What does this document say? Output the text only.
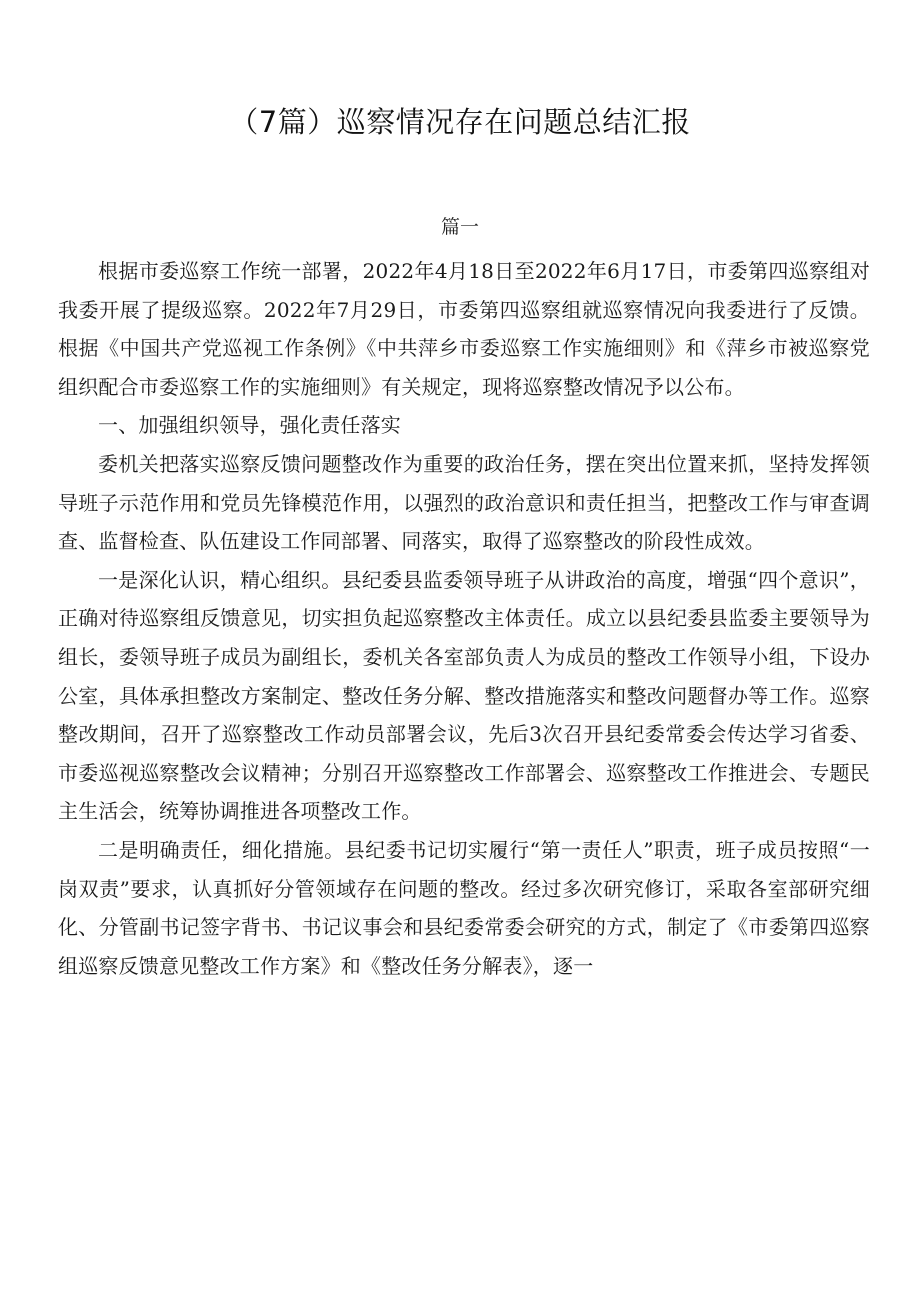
（7篇）巡察情况存在问题总结汇报

篇一

根据市委巡察工作统一部署，2022年4月18日至2022年6月17日，市委第四巡察组对我委开展了提级巡察。2022年7月29日，市委第四巡察组就巡察情况向我委进行了反馈。根据《中国共产党巡视工作条例》《中共萍乡市委巡察工作实施细则》和《萍乡市被巡察党组织配合市委巡察工作的实施细则》有关规定，现将巡察整改情况予以公布。

一、加强组织领导，强化责任落实

委机关把落实巡察反馈问题整改作为重要的政治任务，摆在突出位置来抓，坚持发挥领导班子示范作用和党员先锋模范作用，以强烈的政治意识和责任担当，把整改工作与审查调查、监督检查、队伍建设工作同部署、同落实，取得了巡察整改的阶段性成效。

一是深化认识，精心组织。县纪委县监委领导班子从讲政治的高度，增强“四个意识”，正确对待巡察组反馈意见，切实担负起巡察整改主体责任。成立以县纪委县监委主要领导为组长，委领导班子成员为副组长，委机关各室部负责人为成员的整改工作领导小组，下设办公室，具体承担整改方案制定、整改任务分解、整改措施落实和整改问题督办等工作。巡察整改期间，召开了巡察整改工作动员部署会议，先后3次召开县纪委常委会传达学习省委、市委巡视巡察整改会议精神；分别召开巡察整改工作部署会、巡察整改工作推进会、专题民主生活会，统筹协调推进各项整改工作。

二是明确责任，细化措施。县纪委书记切实履行“第一责任人”职责，班子成员按照“一岗双责”要求，认真抓好分管领域存在问题的整改。经过多次研究修订，采取各室部研究细化、分管副书记签字背书、书记议事会和县纪委常委会研究的方式，制定了《市委第四巡察组巡察反馈意见整改工作方案》和《整改任务分解表》，逐一
